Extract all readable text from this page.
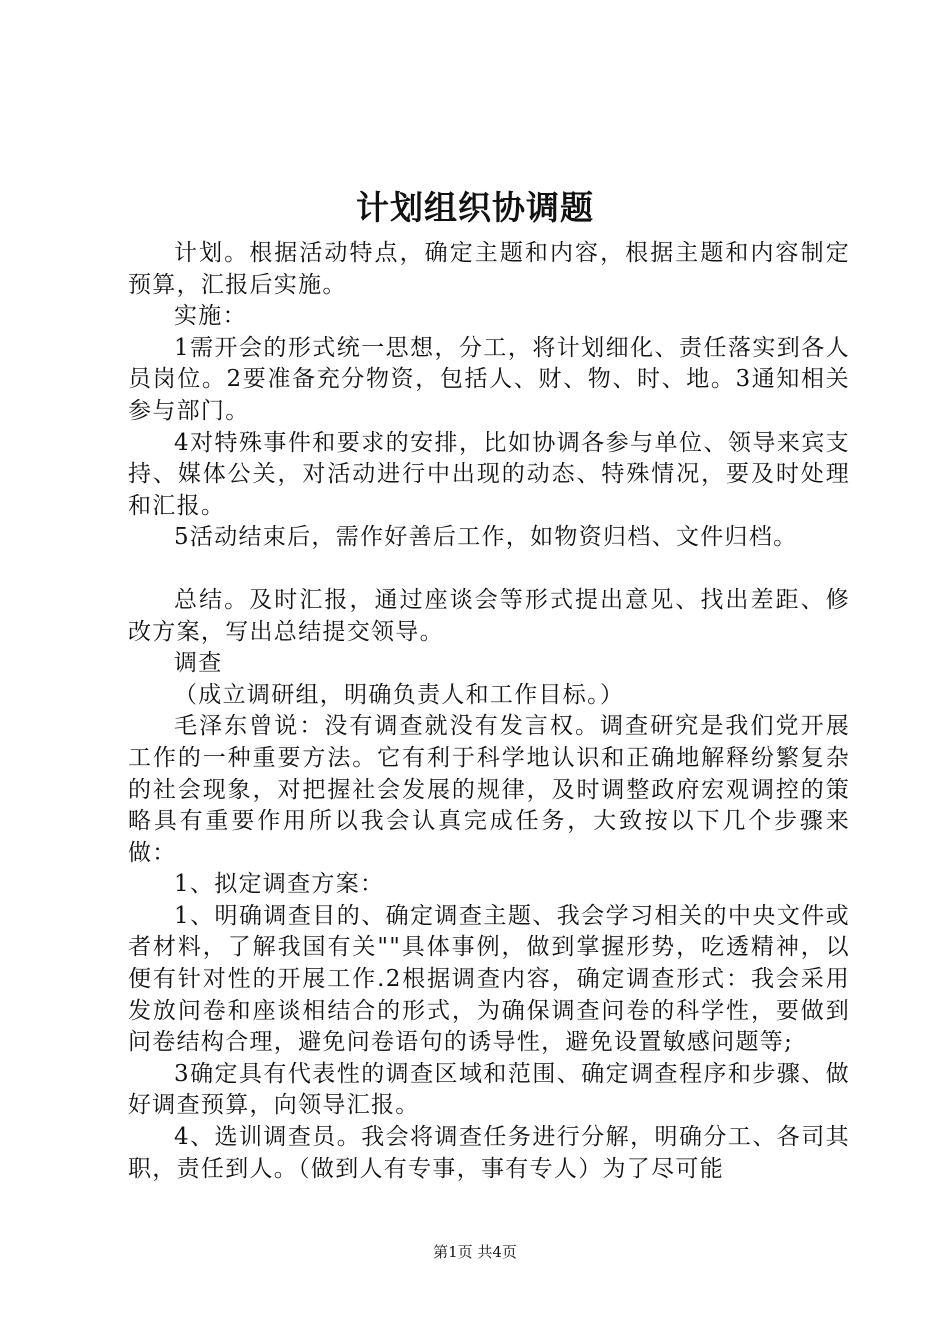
计划组织协调题

计划。根据活动特点，确定主题和内容，根据主题和内容制定预算，汇报后实施。

实施：

1需开会的形式统一思想，分工，将计划细化、责任落实到各人员岗位。2要准备充分物资，包括人、财、物、时、地。3通知相关参与部门。

4对特殊事件和要求的安排，比如协调各参与单位、领导来宾支持、媒体公关，对活动进行中出现的动态、特殊情况，要及时处理和汇报。

5活动结束后，需作好善后工作，如物资归档、文件归档。

总结。及时汇报，通过座谈会等形式提出意见、找出差距、修改方案，写出总结提交领导。

调查

（成立调研组，明确负责人和工作目标。）

毛泽东曾说：没有调查就没有发言权。调查研究是我们党开展工作的一种重要方法。它有利于科学地认识和正确地解释纷繁复杂的社会现象，对把握社会发展的规律，及时调整政府宏观调控的策略具有重要作用所以我会认真完成任务，大致按以下几个步骤来做：

1、拟定调查方案：

1、明确调查目的、确定调查主题、我会学习相关的中央文件或者材料，了解我国有关""具体事例，做到掌握形势，吃透精神，以便有针对性的开展工作.2根据调查内容，确定调查形式：我会采用发放问卷和座谈相结合的形式，为确保调查问卷的科学性，要做到问卷结构合理，避免问卷语句的诱导性，避免设置敏感问题等;

3确定具有代表性的调查区域和范围、确定调查程序和步骤、做好调查预算，向领导汇报。

4、选训调查员。我会将调查任务进行分解，明确分工、各司其职，责任到人。（做到人有专事，事有专人）为了尽可能

第1页 共4页
